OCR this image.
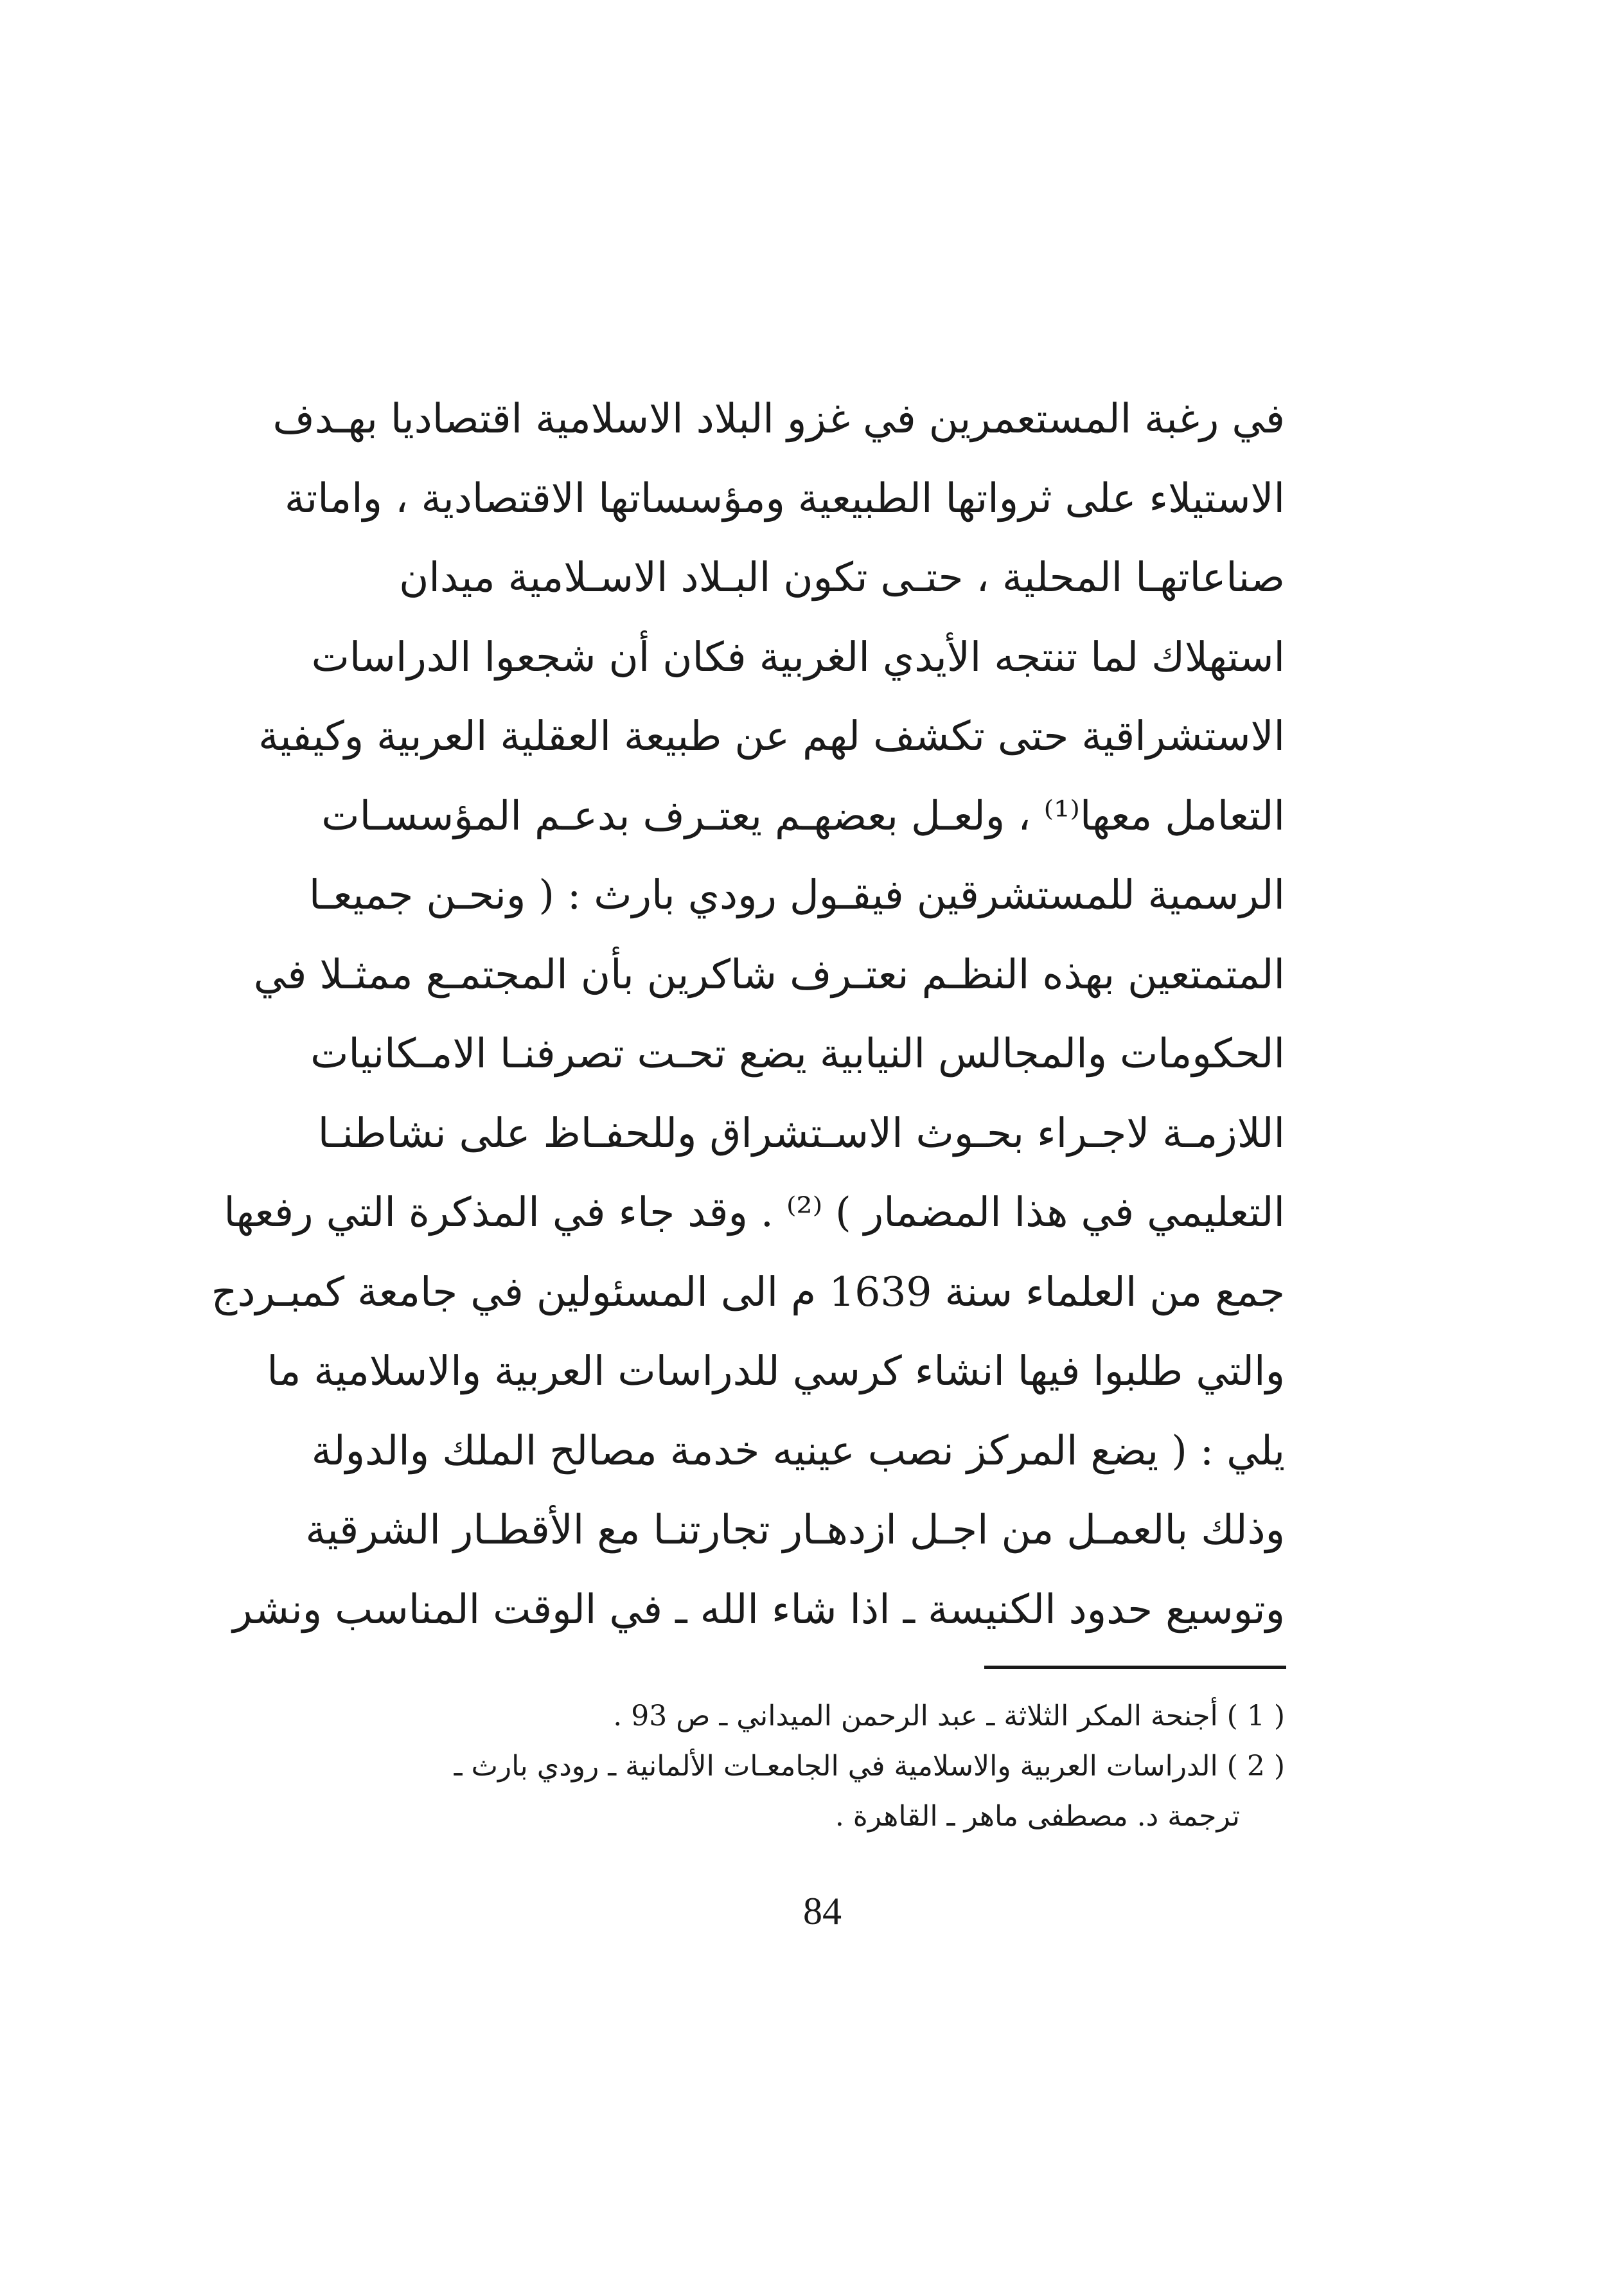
في رغبة المستعمرين في غزو البلاد الاسلامية اقتصاديا بهـدف
الاستيلاء على ثرواتها الطبيعية ومؤسساتها الاقتصادية ، واماتة
صناعاتهـا المحلية ، حتـى تكون البـلاد الاسـلامية ميدان
استهلاك لما تنتجه الأيدي الغربية فكان أن شجعوا الدراسات
الاستشراقية حتى تكشف لهم عن طبيعة العقلية العربية وكيفية
التعامل معها⁽¹⁾ ، ولعـل بعضهـم يعتـرف بدعـم المؤسسـات
الرسمية للمستشرقين فيقـول رودي بارث : ( ونحـن جميعـا
المتمتعين بهذه النظـم نعتـرف شاكرين بأن المجتمـع ممثـلا في
الحكومات والمجالس النيابية يضع تحـت تصرفنـا الامـكانيات
اللازمـة لاجـراء بحـوث الاسـتشراق وللحفـاظ على نشاطنـا
التعليمي في هذا المضمار ) ⁽²⁾ . وقد جاء في المذكرة التي رفعها
جمع من العلماء سنة 1639 م الى المسئولين في جامعة كمبـردج
والتي طلبوا فيها انشاء كرسي للدراسات العربية والاسلامية ما
يلي : ( يضع المركز نصب عينيه خدمة مصالح الملك والدولة
وذلك بالعمـل من اجـل ازدهـار تجارتنـا مع الأقطـار الشرقية
وتوسيع حدود الكنيسة ـ اذا شاء الله ـ في الوقت المناسب ونشر
( 1 ) أجنحة المكر الثلاثة ـ عبد الرحمن الميداني ـ ص 93 .
( 2 ) الدراسات العربية والاسلامية في الجامعـات الألمانية ـ رودي بارث ـ
ترجمة د. مصطفى ماهر ـ القاهرة .
84
